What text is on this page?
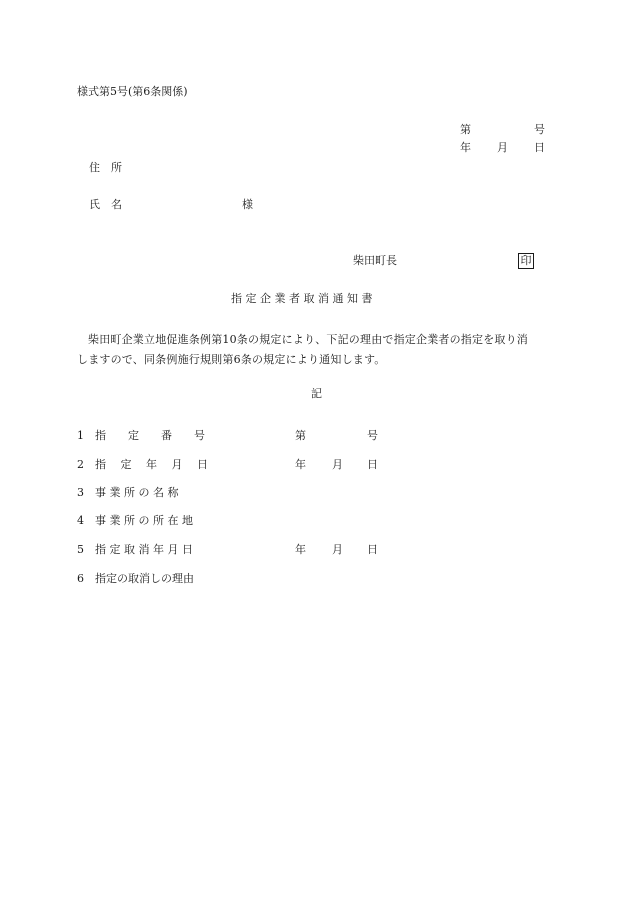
様式第5号(第6条関係)
第	号
年 月 日
住　所
氏　名	様
柴田町長	印
指 定 企 業 者 取 消 通 知 書
柴田町企業立地促進条例第10条の規定により、下記の理由で指定企業者の指定を取り消
しますので、同条例施行規則第6条の規定により通知します。
記
1 指　　定　　番　　号	第	号
2 指　 定　 年　 月　 日	年 月 日
3 事 業 所 の 名 称
4 事 業 所 の 所 在 地
5 指 定 取 消 年 月 日	年 月 日
6 指定の取消しの理由
